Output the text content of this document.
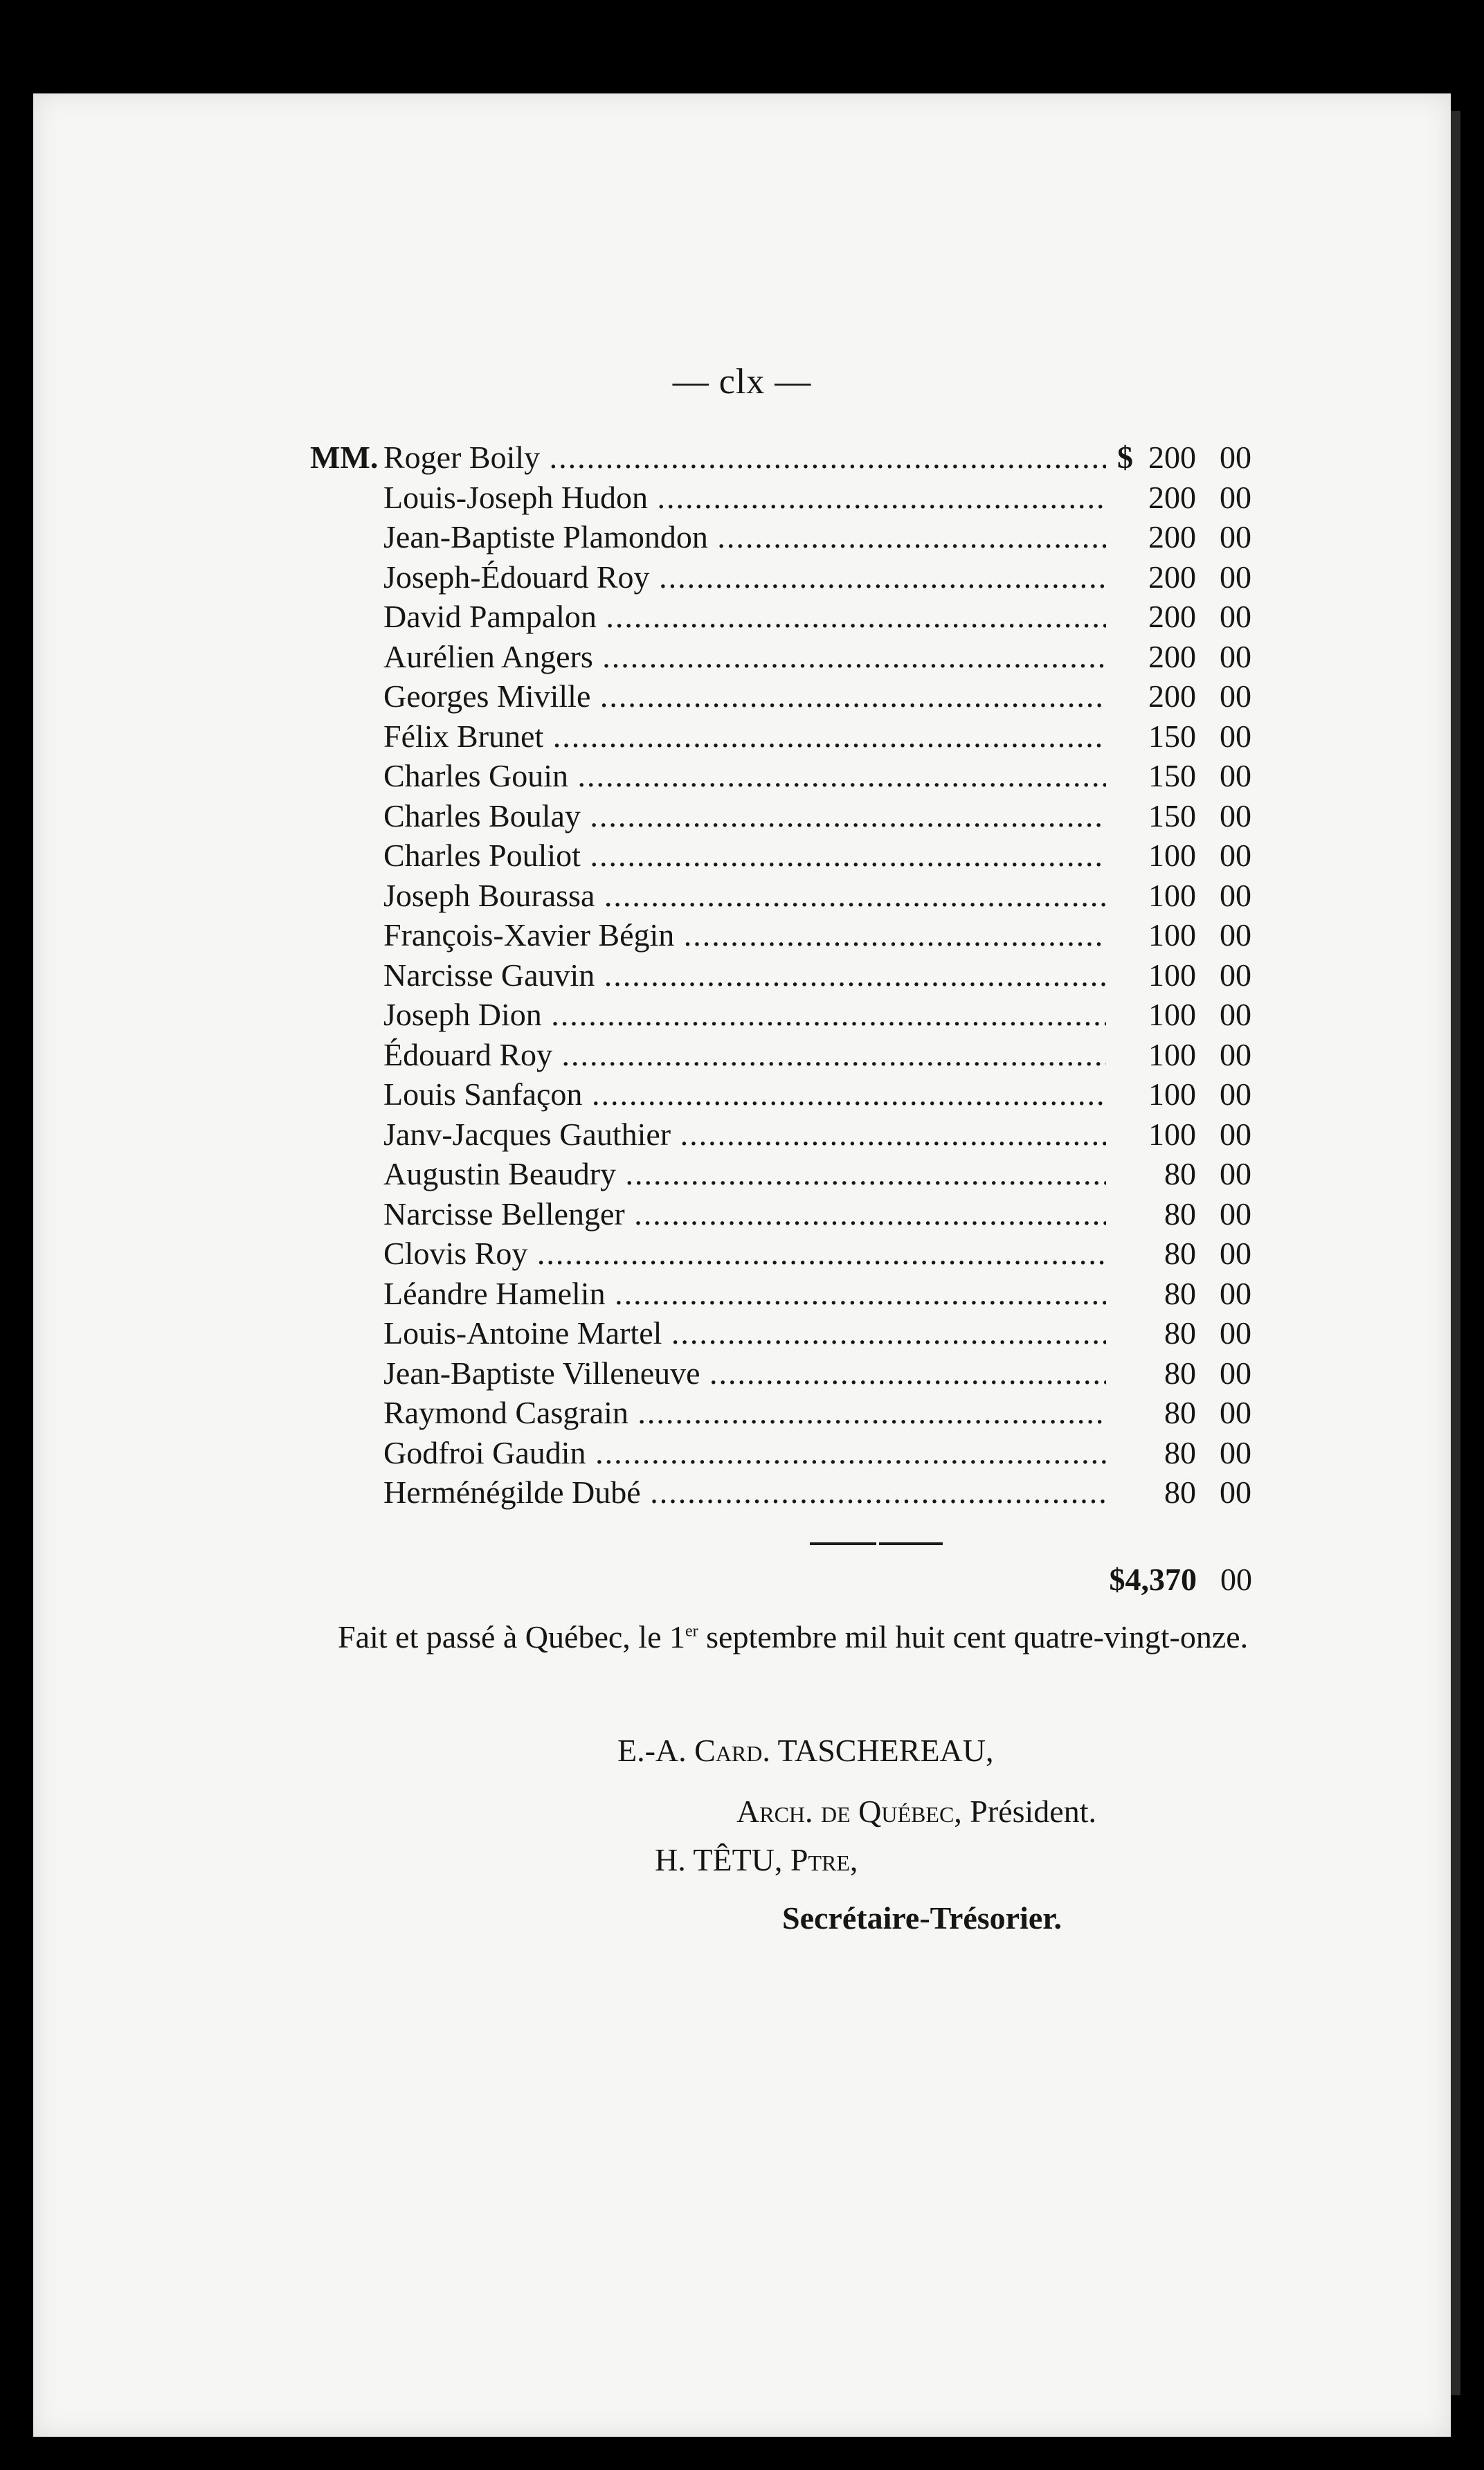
— clx —
MM. Roger Boily .....	$ 200 00
Louis-Joseph Hudon .....	200 00
Jean-Baptiste Plamondon .....	200 00
Joseph-Édouard Roy .....	200 00
David Pampalon .....	200 00
Aurélien Angers .....	200 00
Georges Miville .....	200 00
Félix Brunet .....	150 00
Charles Gouin .....	150 00
Charles Boulay .....	150 00
Charles Pouliot .....	100 00
Joseph Bourassa .....	100 00
François-Xavier Bégin .....	100 00
Narcisse Gauvin .....	100 00
Joseph Dion .....	100 00
Édouard Roy .....	100 00
Louis Sanfaçon .....	100 00
Janv-Jacques Gauthier .....	100 00
Augustin Beaudry .....	80 00
Narcisse Bellenger .....	80 00
Clovis Roy .....	80 00
Léandre Hamelin .....	80 00
Louis-Antoine Martel .....	80 00
Jean-Baptiste Villeneuve .....	80 00
Raymond Casgrain .....	80 00
Godfroi Gaudin .....	80 00
Herménégilde Dubé .....	80 00
$4,370 00
Fait et passé à Québec, le 1er septembre mil huit cent quatre-vingt-onze.
E.-A. Card. TASCHEREAU,
Arch. de Québec, Président.
H. TÊTU, Ptre,
Secrétaire-Trésorier.
